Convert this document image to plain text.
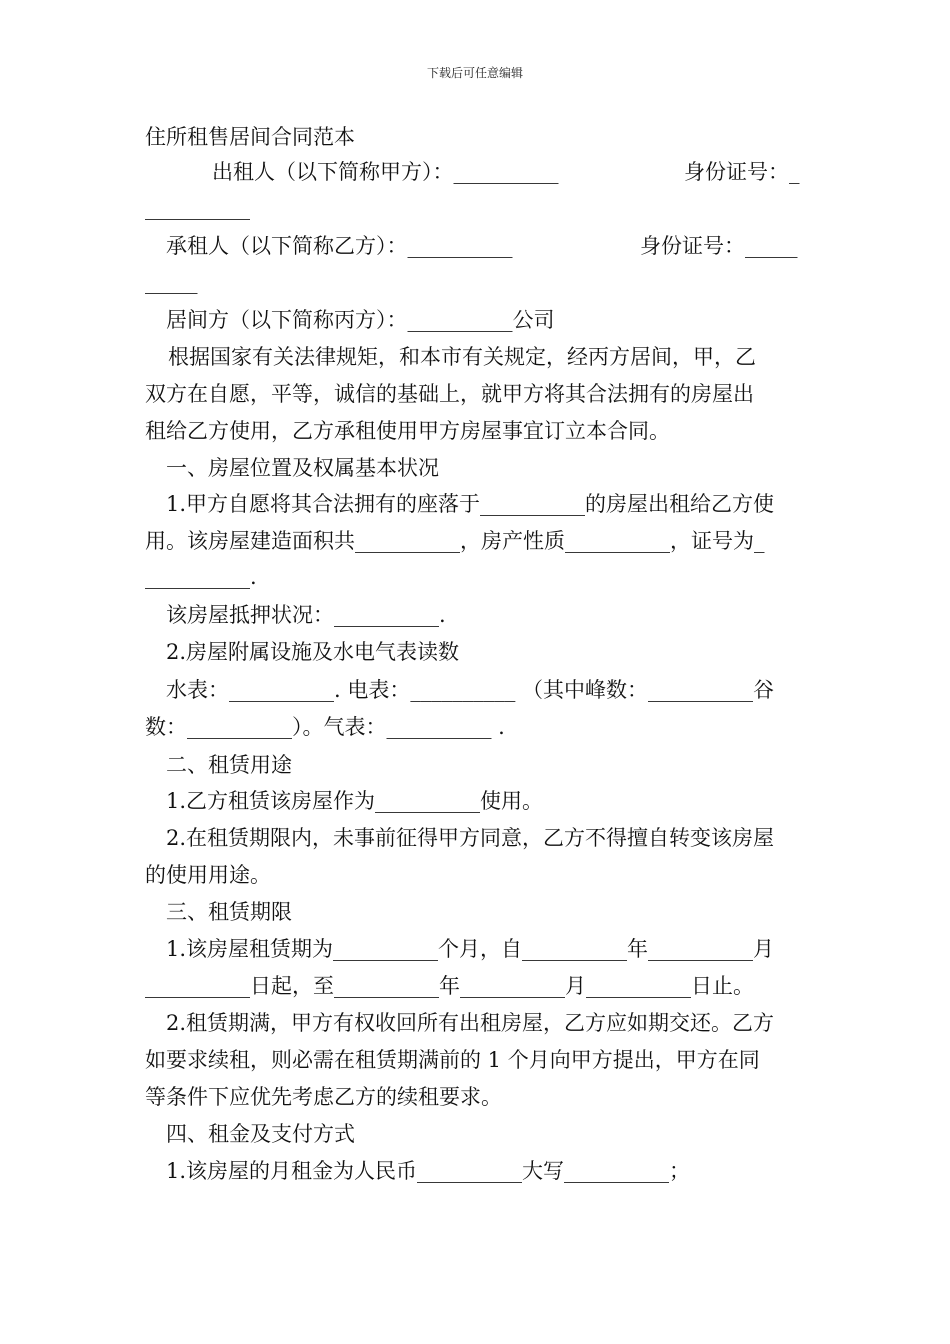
下载后可任意编辑
住所租售居间合同范本
出租人（以下简称甲方）：__________	身份证号：_
__________
承租人（以下简称乙方）：__________	身份证号：_____
_____
居间方（以下简称丙方）：__________公司
根据国家有关法律规矩，和本市有关规定，经丙方居间，甲，乙
双方在自愿，平等，诚信的基础上，就甲方将其合法拥有的房屋出
租给乙方使用，乙方承租使用甲方房屋事宜订立本合同。
一、房屋位置及权属基本状况
1.甲方自愿将其合法拥有的座落于__________的房屋出租给乙方使
用。该房屋建造面积共__________，房产性质__________，证号为_
__________.
该房屋抵押状况：__________.
2.房屋附属设施及水电气表读数
水表：__________. 电表：__________ （其中峰数：__________谷
数：__________）。气表：__________ .
二、租赁用途
1.乙方租赁该房屋作为__________使用。
2.在租赁期限内，未事前征得甲方同意，乙方不得擅自转变该房屋
的使用用途。
三、租赁期限
1.该房屋租赁期为__________个月，自__________年__________月
__________日起，至__________年__________月__________日止。
2.租赁期满，甲方有权收回所有出租房屋，乙方应如期交还。乙方
如要求续租，则必需在租赁期满前的 1 个月向甲方提出，甲方在同
等条件下应优先考虑乙方的续租要求。
四、租金及支付方式
1.该房屋的月租金为人民币__________大写__________；
